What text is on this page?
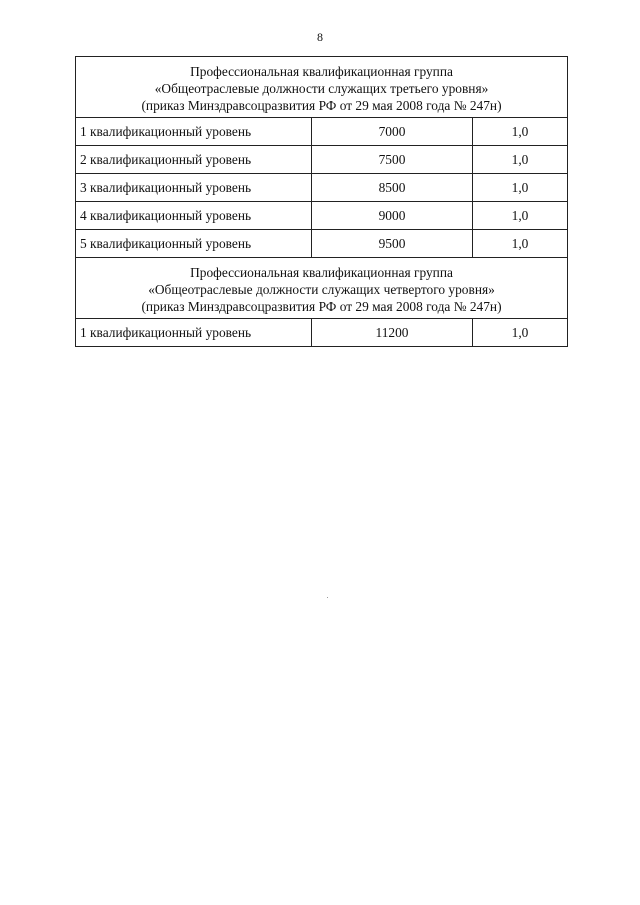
8
Профессиональная квалификационная группа
«Общеотраслевые должности служащих третьего уровня»
(приказ Минздравсоцразвития РФ от 29 мая 2008 года № 247н)		

1 квалификационный уровень	7000	1,0
2 квалификационный уровень	7500	1,0
3 квалификационный уровень	8500	1,0
4 квалификационный уровень	9000	1,0
5 квалификационный уровень	9500	1,0

Профессиональная квалификационная группа
«Общеотраслевые должности служащих четвертого уровня»
(приказ Минздравсоцразвития РФ от 29 мая 2008 года № 247н)		

1 квалификационный уровень	11200	1,0
